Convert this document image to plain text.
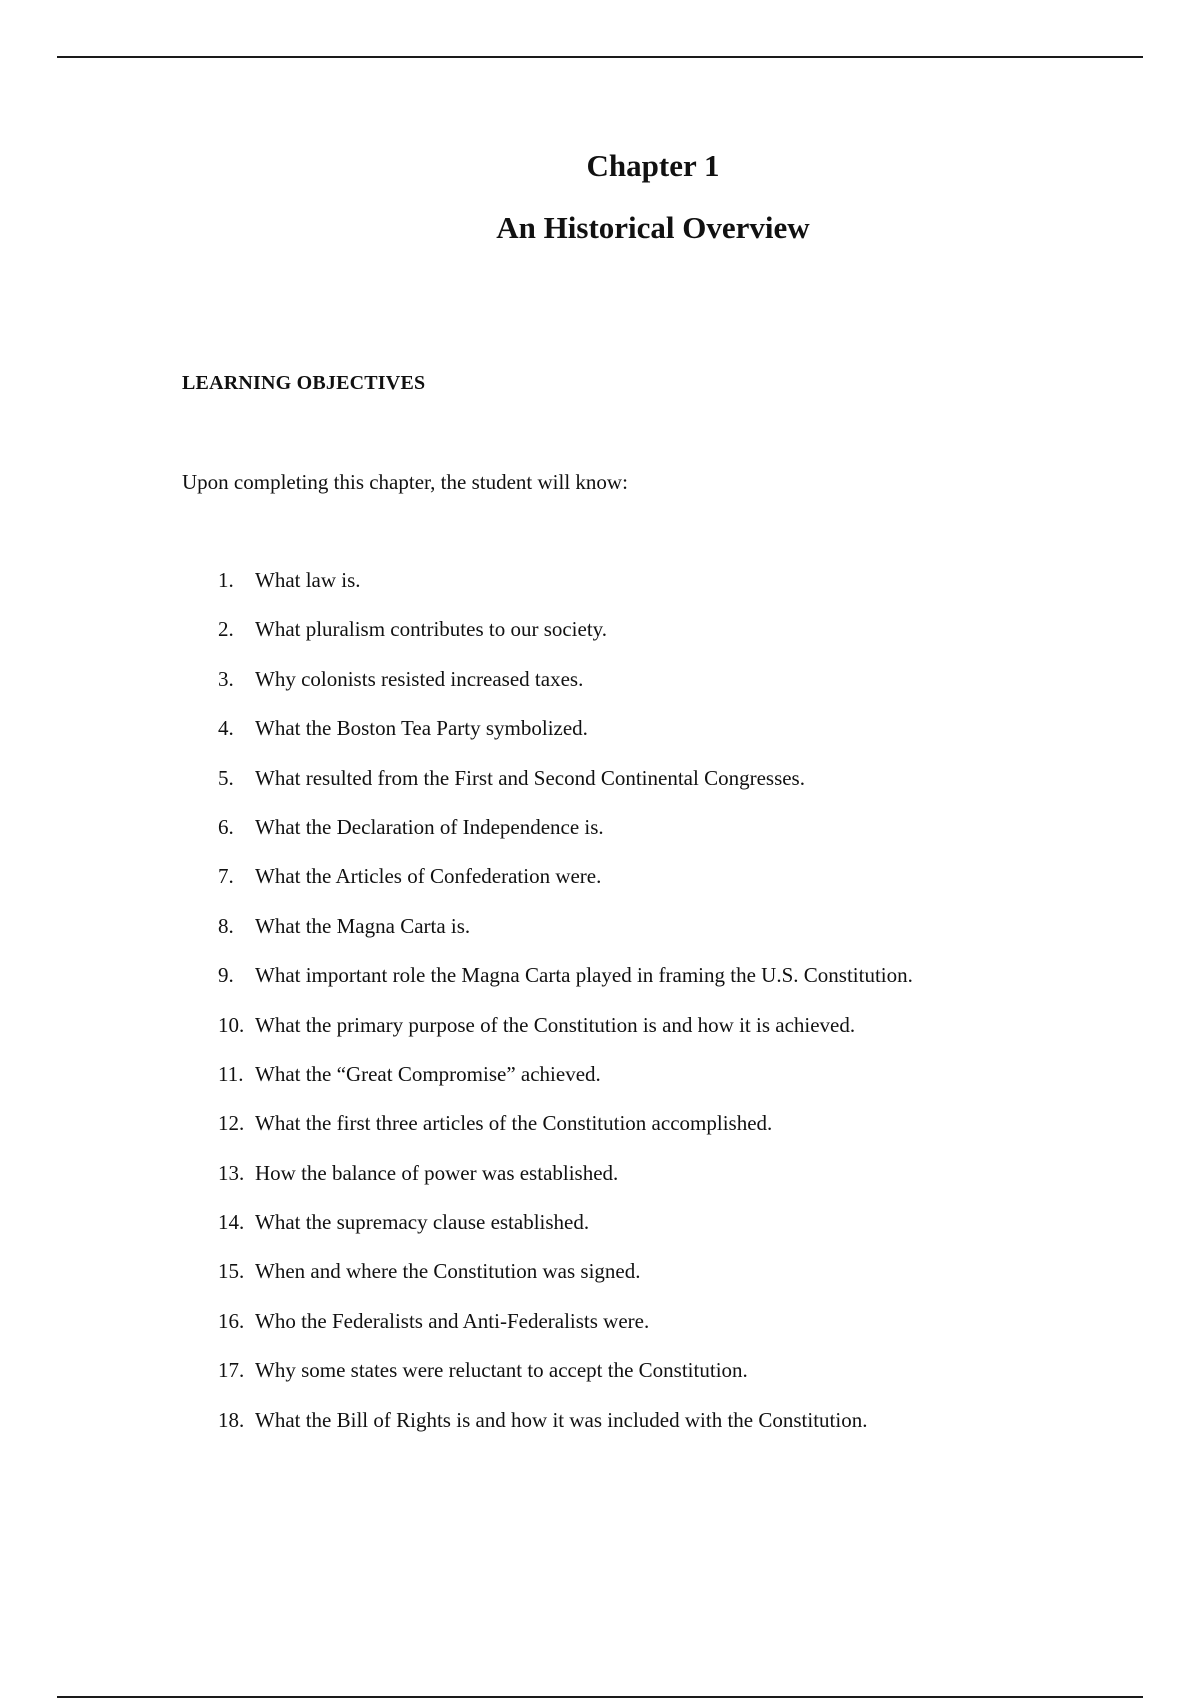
Chapter 1
An Historical Overview
LEARNING OBJECTIVES

Upon completing this chapter, the student will know:

1.	What law is.
2.	What pluralism contributes to our society.
3.	Why colonists resisted increased taxes.
4.	What the Boston Tea Party symbolized.
5.	What resulted from the First and Second Continental Congresses.
6.	What the Declaration of Independence is.
7.	What the Articles of Confederation were.
8.	What the Magna Carta is.
9.	What important role the Magna Carta played in framing the U.S. Constitution.
10. What the primary purpose of the Constitution is and how it is achieved.
11. What the “Great Compromise” achieved.
12. What the first three articles of the Constitution accomplished.
13. How the balance of power was established.
14. What the supremacy clause established.
15. When and where the Constitution was signed.
16. Who the Federalists and Anti-Federalists were.
17. Why some states were reluctant to accept the Constitution.
18. What the Bill of Rights is and how it was included with the Constitution.
